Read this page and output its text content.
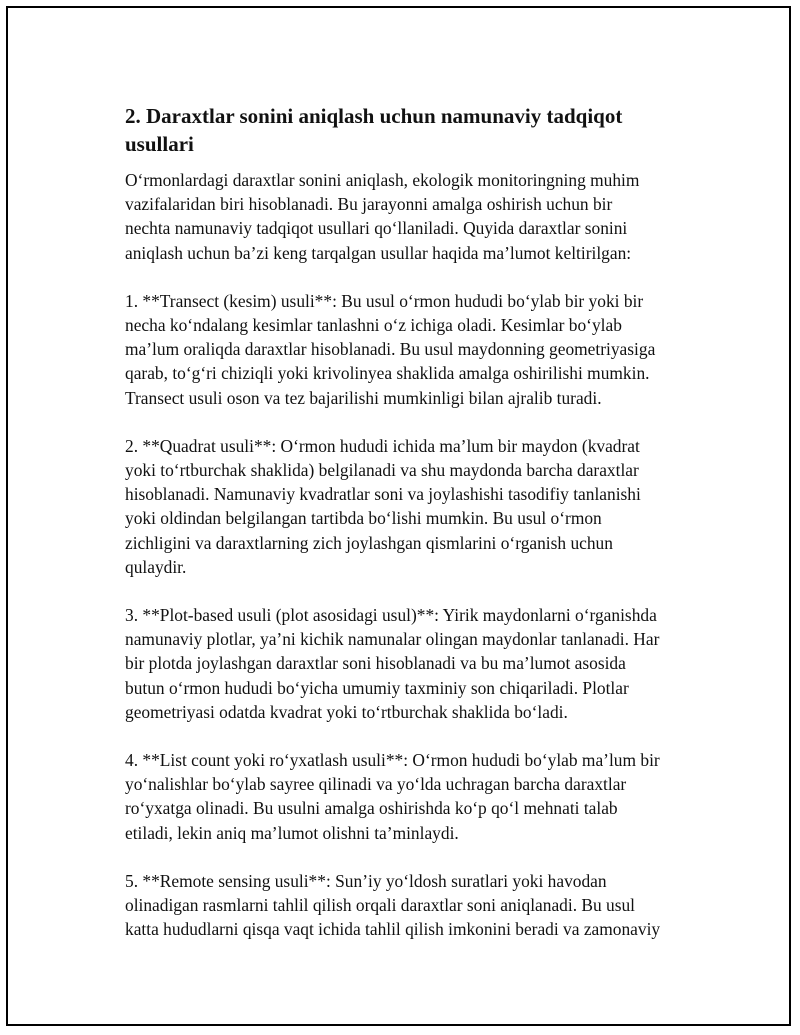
2. Daraxtlar sonini aniqlash uchun namunaviy tadqiqot
usullari

O‘rmonlardagi daraxtlar sonini aniqlash, ekologik monitoringning muhim
vazifalaridan biri hisoblanadi. Bu jarayonni amalga oshirish uchun bir
nechta namunaviy tadqiqot usullari qo‘llaniladi. Quyida daraxtlar sonini
aniqlash uchun ba’zi keng tarqalgan usullar haqida ma’lumot keltirilgan:

1. **Transect (kesim) usuli**: Bu usul o‘rmon hududi bo‘ylab bir yoki bir
necha ko‘ndalang kesimlar tanlashni o‘z ichiga oladi. Kesimlar bo‘ylab
ma’lum oraliqda daraxtlar hisoblanadi. Bu usul maydonning geometriyasiga
qarab, to‘g‘ri chiziqli yoki krivolinyea shaklida amalga oshirilishi mumkin.
Transect usuli oson va tez bajarilishi mumkinligi bilan ajralib turadi.

2. **Quadrat usuli**: O‘rmon hududi ichida ma’lum bir maydon (kvadrat
yoki to‘rtburchak shaklida) belgilanadi va shu maydonda barcha daraxtlar
hisoblanadi. Namunaviy kvadratlar soni va joylashishi tasodifiy tanlanishi
yoki oldindan belgilangan tartibda bo‘lishi mumkin. Bu usul o‘rmon
zichligini va daraxtlarning zich joylashgan qismlarini o‘rganish uchun
qulaydir.

3. **Plot-based usuli (plot asosidagi usul)**: Yirik maydonlarni o‘rganishda
namunaviy plotlar, ya’ni kichik namunalar olingan maydonlar tanlanadi. Har
bir plotda joylashgan daraxtlar soni hisoblanadi va bu ma’lumot asosida
butun o‘rmon hududi bo‘yicha umumiy taxminiy son chiqariladi. Plotlar
geometriyasi odatda kvadrat yoki to‘rtburchak shaklida bo‘ladi.

4. **List count yoki ro‘yxatlash usuli**: O‘rmon hududi bo‘ylab ma’lum bir
yo‘nalishlar bo‘ylab sayree qilinadi va yo‘lda uchragan barcha daraxtlar
ro‘yxatga olinadi. Bu usulni amalga oshirishda ko‘p qo‘l mehnati talab
etiladi, lekin aniq ma’lumot olishni ta’minlaydi.

5. **Remote sensing usuli**: Sun’iy yo‘ldosh suratlari yoki havodan
olinadigan rasmlarni tahlil qilish orqali daraxtlar soni aniqlanadi. Bu usul
katta hududlarni qisqa vaqt ichida tahlil qilish imkonini beradi va zamonaviy
